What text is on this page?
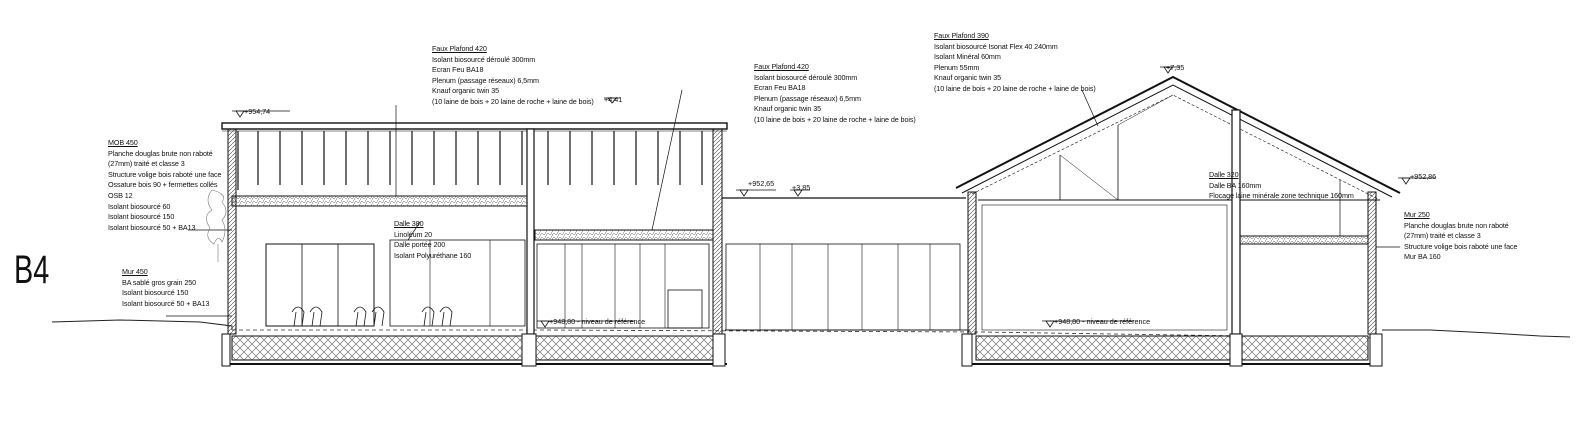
B4
+954,74
+4,41
+952,65 +3,85
+7,35
+952,86
+948,80 - niveau de référence	+948,80 - niveau de référence
Faux Plafond 420
Isolant biosourcé déroulé 300mm
Ecran Feu BA18
Plenum (passage réseaux) 6,5mm
Knauf organic twin 35
(10 laine de bois + 20 laine de roche + laine de bois)
Faux Plafond 420
Isolant biosourcé déroulé 300mm
Ecran Feu BA18
Plenum (passage réseaux) 6,5mm
Knauf organic twin 35
(10 laine de bois + 20 laine de roche + laine de bois)
Faux Plafond 390
Isolant biosourcé Isonat Flex 40 240mm
Isolant Minéral 60mm
Plenum 55mm
Knauf organic twin 35
(10 laine de bois + 20 laine de roche + laine de bois)
MOB 450
Planche douglas brute non raboté
(27mm) traité et classe 3
Structure volige bois raboté une face
Ossature bois 90 + fermettes collés
OSB 12
Isolant biosourcé 60
Isolant biosourcé 150
Isolant biosourcé 50 + BA13
Mur 450
BA sablé gros grain 250
Isolant biosourcé 150
Isolant biosourcé 50 + BA13
Dalle 380
Linoléum 20
Dalle portée 200
Isolant Polyuréthane 160
Dalle 320
Dalle BA 160mm
Flocage laine minérale zone technique 160mm
Mur 250
Planche douglas brute non raboté
(27mm) traité et classe 3
Structure volige bois raboté une face
Mur BA 160
